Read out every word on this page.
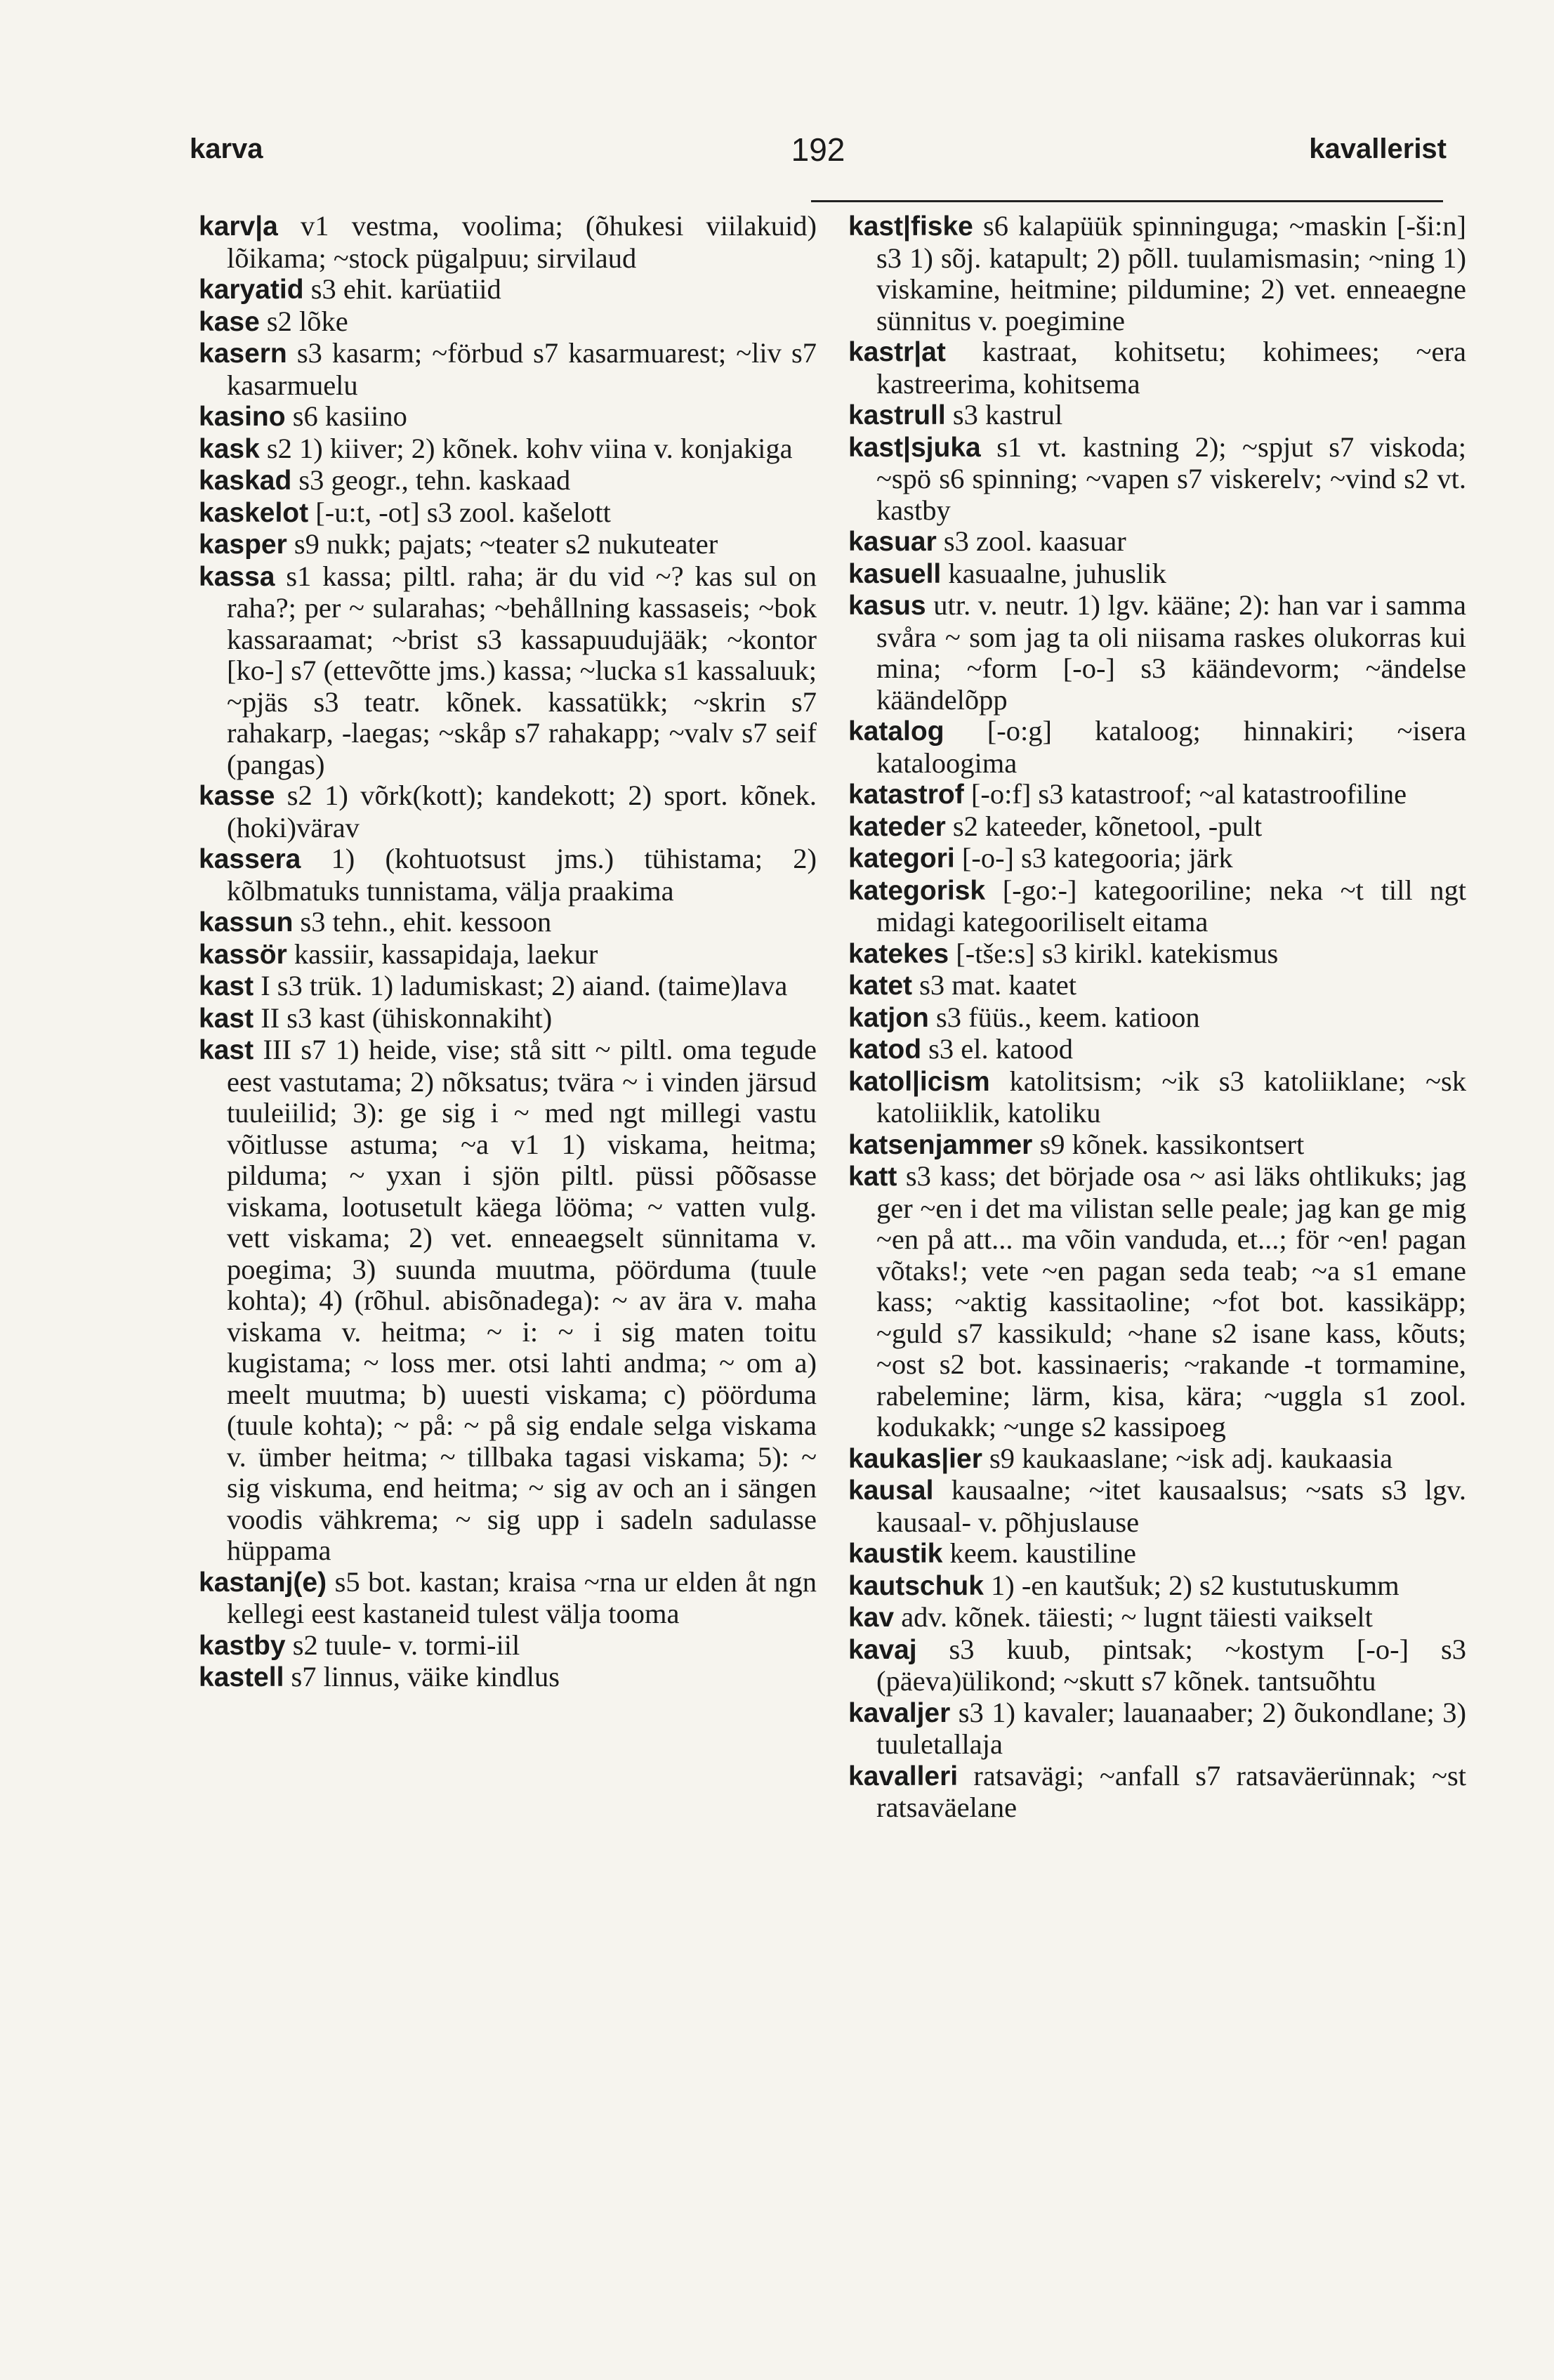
karva	192	kavallerist

karv|a v1 vestma, voolima; (õhukesi viilakuid) lõikama; ~stock pügalpuu; sirvilaud

karyatid s3 ehit. karüatiid

kase s2 lõke

kasern s3 kasarm; ~förbud s7 kasarmuarest; ~liv s7 kasarmuelu

kasino s6 kasiino

kask s2 1) kiiver; 2) kõnek. kohv viina v. konjakiga

kaskad s3 geogr., tehn. kaskaad

kaskelot [-u:t, -ot] s3 zool. kašelott

kasper s9 nukk; pajats; ~teater s2 nukuteater

kassa s1 kassa; piltl. raha; är du vid ~? kas sul on raha?; per ~ sularahas; ~behållning kassaseis; ~bok kassaraamat; ~brist s3 kassapuudujääk; ~kontor [ko-] s7 (ettevõtte jms.) kassa; ~lucka s1 kassaluuk; ~pjäs s3 teatr. kõnek. kassatükk; ~skrin s7 rahakarp, -laegas; ~skåp s7 rahakapp; ~valv s7 seif (pangas)

kasse s2 1) võrk(kott); kandekott; 2) sport. kõnek. (hoki)värav

kassera 1) (kohtuotsust jms.) tühistama; 2) kõlbmatuks tunnistama, välja praakima

kassun s3 tehn., ehit. kessoon

kassör kassiir, kassapidaja, laekur

kast I s3 trük. 1) ladumiskast; 2) aiand. (taime)lava

kast II s3 kast (ühiskonnakiht)

kast III s7 1) heide, vise; stå sitt ~ piltl. oma tegude eest vastutama; 2) nõksatus; tvära ~ i vinden järsud tuuleiilid; 3): ge sig i ~ med ngt millegi vastu võitlusse astuma; ~a v1 1) viskama, heitma; pilduma; ~ yxan i sjön piltl. püssi põõsasse viskama, lootusetult käega lööma; ~ vatten vulg. vett viskama; 2) vet. enneaegselt sünnitama v. poegima; 3) suunda muutma, pöörduma (tuule kohta); 4) (rõhul. abisõnadega): ~ av ära v. maha viskama v. heitma; ~ i: ~ i sig maten toitu kugistama; ~ loss mer. otsi lahti andma; ~ om a) meelt muutma; b) uuesti viskama; c) pöörduma (tuule kohta); ~ på: ~ på sig endale selga viskama v. ümber heitma; ~ tillbaka tagasi viskama; 5): ~ sig viskuma, end heitma; ~ sig av och an i sängen voodis vähkrema; ~ sig upp i sadeln sadulasse hüppama

kastanj(e) s5 bot. kastan; kraisa ~rna ur elden åt ngn kellegi eest kastaneid tulest välja tooma

kastby s2 tuule- v. tormi-iil

kastell s7 linnus, väike kindlus

kast|fiske s6 kalapüük spinninguga; ~maskin [-ši:n] s3 1) sõj. katapult; 2) põll. tuulamismasin; ~ning 1) viskamine, heitmine; pildumine; 2) vet. enneaegne sünnitus v. poegimine

kastr|at kastraat, kohitsetu; kohimees; ~era kastreerima, kohitsema

kastrull s3 kastrul

kast|sjuka s1 vt. kastning 2); ~spjut s7 viskoda; ~spö s6 spinning; ~vapen s7 viskerelv; ~vind s2 vt. kastby

kasuar s3 zool. kaasuar

kasuell kasuaalne, juhuslik

kasus utr. v. neutr. 1) lgv. kääne; 2): han var i samma svåra ~ som jag ta oli niisama raskes olukorras kui mina; ~form [-o-] s3 käändevorm; ~ändelse käändelõpp

katalog [-o:g] kataloog; hinnakiri; ~isera kataloogima

katastrof [-o:f] s3 katastroof; ~al katastroofiline

kateder s2 kateeder, kõnetool, -pult

kategori [-o-] s3 kategooria; järk

kategorisk [-go:-] kategooriline; neka ~t till ngt midagi kategooriliselt eitama

katekes [-tše:s] s3 kirikl. katekismus

katet s3 mat. kaatet

katjon s3 füüs., keem. katioon

katod s3 el. katood

katol|icism katolitsism; ~ik s3 katoliiklane; ~sk katoliiklik, katoliku

katsenjammer s9 kõnek. kassikontsert

katt s3 kass; det började osa ~ asi läks ohtlikuks; jag ger ~en i det ma vilistan selle peale; jag kan ge mig ~en på att... ma võin vanduda, et...; för ~en! pagan võtaks!; vete ~en pagan seda teab; ~a s1 emane kass; ~aktig kassitaoline; ~fot bot. kassikäpp; ~guld s7 kassikuld; ~hane s2 isane kass, kõuts; ~ost s2 bot. kassinaeris; ~rakande -t tormamine, rabelemine; lärm, kisa, kära; ~uggla s1 zool. kodukakk; ~unge s2 kassipoeg

kaukas|ier s9 kaukaaslane; ~isk adj. kaukaasia

kausal kausaalne; ~itet kausaalsus; ~sats s3 lgv. kausaal- v. põhjuslause

kaustik keem. kaustiline

kautschuk 1) -en kautšuk; 2) s2 kustutuskumm

kav adv. kõnek. täiesti; ~ lugnt täiesti vaikselt

kavaj s3 kuub, pintsak; ~kostym [-o-] s3 (päeva)ülikond; ~skutt s7 kõnek. tantsuõhtu

kavaljer s3 1) kavaler; lauanaaber; 2) õukondlane; 3) tuuletallaja

kavalleri ratsavägi; ~anfall s7 ratsaväerünnak; ~st ratsaväelane
